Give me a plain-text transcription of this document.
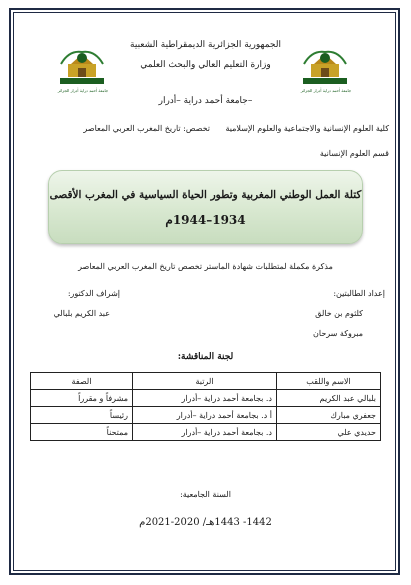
الجمهورية الجزائرية الديمقراطية الشعبية
وزارة التعليم العالي والبحث العلمي
جامعة أحمد دراية –أدرار–
جامعة أحمد دراية أدرار الجزائر	جامعة أحمد دراية أدرار الجزائر
كلية العلوم الإنسانية والاجتماعية والعلوم الإسلامية
تخصص: تاريخ المغرب العربي المعاصر
قسم العلوم الإنسانية
كتلة العمل الوطني المغربية وتطور الحياة السياسية في المغرب الأقصى
1934–1944م
مذكرة مكملة لمتطلبات شهادة الماستر تخصص تاريخ المغرب العربي المعاصر
إعداد الطالبتين:
كلثوم بن خالق
مبروكة سرحان
إشراف الدكتور:
عبد الكريم بلبالي
لجنة المناقشة:
الاسم واللقب	الرتبة	الصفة
بلبالي عبد الكريم	د. بجامعة أحمد دراية –أدرار	مشرفاً و مقرراً
جعفري مبارك	أ د. بجامعة أحمد دراية –أدرار	رئيساً
حديدي علي	د. بجامعة أحمد دراية –أدرار	ممتحناً
السنة الجامعية:
1442- 1443هـ/ 2020-2021م
